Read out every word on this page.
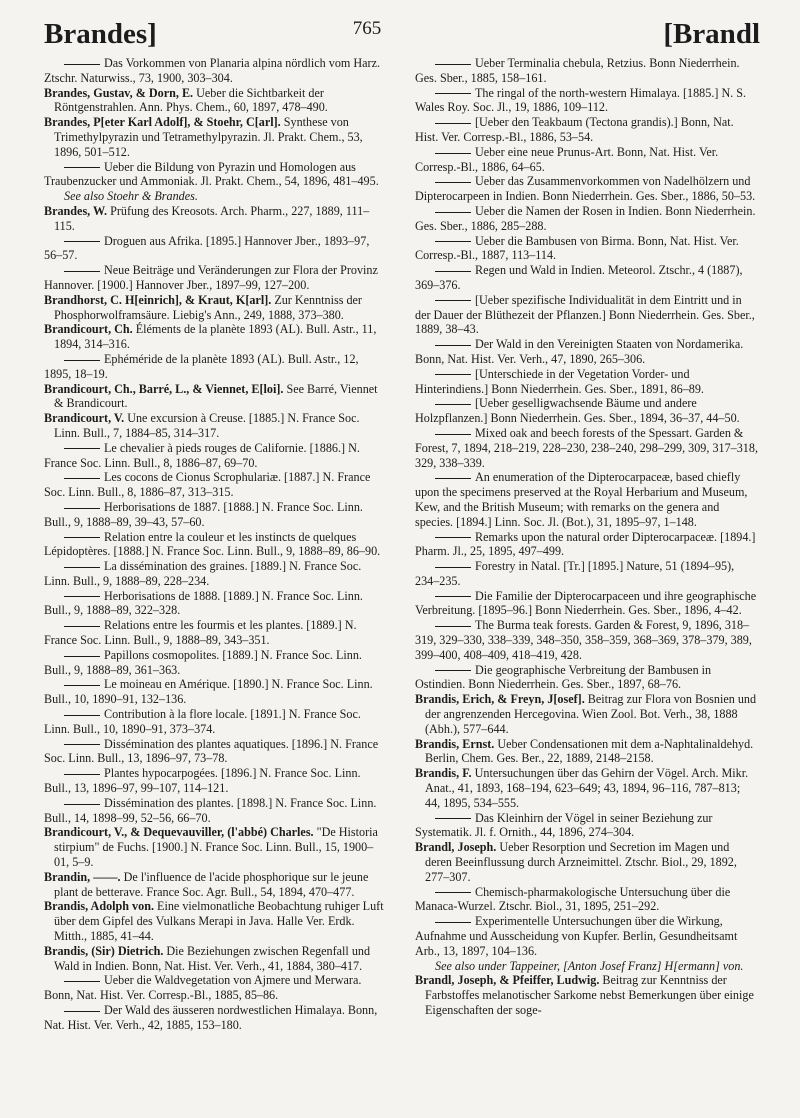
Brandes]	765	[Brandl

Das Vorkommen von Planaria alpina nördlich vom Harz. Ztschr. Naturwiss., 73, 1900, 303–304.

Brandes, Gustav, & Dorn, E. Ueber die Sichtbarkeit der Röntgenstrahlen. Ann. Phys. Chem., 60, 1897, 478–490.

Brandes, P[eter Karl Adolf], & Stoehr, C[arl]. Synthese von Trimethylpyrazin und Tetramethylpyrazin. Jl. Prakt. Chem., 53, 1896, 501–512.

Ueber die Bildung von Pyrazin und Homologen aus Traubenzucker und Ammoniak. Jl. Prakt. Chem., 54, 1896, 481–495.

See also Stoehr & Brandes.

Brandes, W. Prüfung des Kreosots. Arch. Pharm., 227, 1889, 111–115.

Droguen aus Afrika. [1895.] Hannover Jber., 1893–97, 56–57.

Neue Beiträge und Veränderungen zur Flora der Provinz Hannover. [1900.] Hannover Jber., 1897–99, 127–200.

Brandhorst, C. H[einrich], & Kraut, K[arl]. Zur Kenntniss der Phosphorwolframsäure. Liebig's Ann., 249, 1888, 373–380.

Brandicourt, Ch. Éléments de la planète 1893 (AL). Bull. Astr., 11, 1894, 314–316.

Ephéméride de la planète 1893 (AL). Bull. Astr., 12, 1895, 18–19.

Brandicourt, Ch., Barré, L., & Viennet, E[loi]. See Barré, Viennet & Brandicourt.

Brandicourt, V. Une excursion à Creuse. [1885.] N. France Soc. Linn. Bull., 7, 1884–85, 314–317.

Le chevalier à pieds rouges de Californie. [1886.] N. France Soc. Linn. Bull., 8, 1886–87, 69–70.

Les cocons de Cionus Scrophulariæ. [1887.] N. France Soc. Linn. Bull., 8, 1886–87, 313–315.

Herborisations de 1887. [1888.] N. France Soc. Linn. Bull., 9, 1888–89, 39–43, 57–60.

Relation entre la couleur et les instincts de quelques Lépidoptères. [1888.] N. France Soc. Linn. Bull., 9, 1888–89, 86–90.

La dissémination des graines. [1889.] N. France Soc. Linn. Bull., 9, 1888–89, 228–234.

Herborisations de 1888. [1889.] N. France Soc. Linn. Bull., 9, 1888–89, 322–328.

Relations entre les fourmis et les plantes. [1889.] N. France Soc. Linn. Bull., 9, 1888–89, 343–351.

Papillons cosmopolites. [1889.] N. France Soc. Linn. Bull., 9, 1888–89, 361–363.

Le moineau en Amérique. [1890.] N. France Soc. Linn. Bull., 10, 1890–91, 132–136.

Contribution à la flore locale. [1891.] N. France Soc. Linn. Bull., 10, 1890–91, 373–374.

Dissémination des plantes aquatiques. [1896.] N. France Soc. Linn. Bull., 13, 1896–97, 73–78.

Plantes hypocarpogées. [1896.] N. France Soc. Linn. Bull., 13, 1896–97, 99–107, 114–121.

Dissémination des plantes. [1898.] N. France Soc. Linn. Bull., 14, 1898–99, 52–56, 66–70.

Brandicourt, V., & Dequevauviller, (l'abbé) Charles. "De Historia stirpium" de Fuchs. [1900.] N. France Soc. Linn. Bull., 15, 1900–01, 5–9.

Brandin, ——. De l'influence de l'acide phosphorique sur le jeune plant de betterave. France Soc. Agr. Bull., 54, 1894, 470–477.

Brandis, Adolph von. Eine vielmonatliche Beobachtung ruhiger Luft über dem Gipfel des Vulkans Merapi in Java. Halle Ver. Erdk. Mitth., 1885, 41–44.

Brandis, (Sir) Dietrich. Die Beziehungen zwischen Regenfall und Wald in Indien. Bonn, Nat. Hist. Ver. Verh., 41, 1884, 380–417.

Ueber die Waldvegetation von Ajmere und Merwara. Bonn, Nat. Hist. Ver. Corresp.-Bl., 1885, 85–86.

Der Wald des äusseren nordwestlichen Himalaya. Bonn, Nat. Hist. Ver. Verh., 42, 1885, 153–180.

Ueber Terminalia chebula, Retzius. Bonn Niederrhein. Ges. Sber., 1885, 158–161.

The ringal of the north-western Himalaya. [1885.] N. S. Wales Roy. Soc. Jl., 19, 1886, 109–112.

[Ueber den Teakbaum (Tectona grandis).] Bonn, Nat. Hist. Ver. Corresp.-Bl., 1886, 53–54.

Ueber eine neue Prunus-Art. Bonn, Nat. Hist. Ver. Corresp.-Bl., 1886, 64–65.

Ueber das Zusammenvorkommen von Nadelhölzern und Dipterocarpeen in Indien. Bonn Niederrhein. Ges. Sber., 1886, 50–53.

Ueber die Namen der Rosen in Indien. Bonn Niederrhein. Ges. Sber., 1886, 285–288.

Ueber die Bambusen von Birma. Bonn, Nat. Hist. Ver. Corresp.-Bl., 1887, 113–114.

Regen und Wald in Indien. Meteorol. Ztschr., 4 (1887), 369–376.

[Ueber spezifische Individualität in dem Eintritt und in der Dauer der Blüthezeit der Pflanzen.] Bonn Niederrhein. Ges. Sber., 1889, 38–43.

Der Wald in den Vereinigten Staaten von Nordamerika. Bonn, Nat. Hist. Ver. Verh., 47, 1890, 265–306.

[Unterschiede in der Vegetation Vorder- und Hinterindiens.] Bonn Niederrhein. Ges. Sber., 1891, 86–89.

[Ueber geselligwachsende Bäume und andere Holzpflanzen.] Bonn Niederrhein. Ges. Sber., 1894, 36–37, 44–50.

Mixed oak and beech forests of the Spessart. Garden & Forest, 7, 1894, 218–219, 228–230, 238–240, 298–299, 309, 317–318, 329, 338–339.

An enumeration of the Dipterocarpaceæ, based chiefly upon the specimens preserved at the Royal Herbarium and Museum, Kew, and the British Museum; with remarks on the genera and species. [1894.] Linn. Soc. Jl. (Bot.), 31, 1895–97, 1–148.

Remarks upon the natural order Dipterocarpaceæ. [1894.] Pharm. Jl., 25, 1895, 497–499.

Forestry in Natal. [Tr.] [1895.] Nature, 51 (1894–95), 234–235.

Die Familie der Dipterocarpaceen und ihre geographische Verbreitung. [1895–96.] Bonn Niederrhein. Ges. Sber., 1896, 4–42.

The Burma teak forests. Garden & Forest, 9, 1896, 318–319, 329–330, 338–339, 348–350, 358–359, 368–369, 378–379, 389, 399–400, 408–409, 418–419, 428.

Die geographische Verbreitung der Bambusen in Ostindien. Bonn Niederrhein. Ges. Sber., 1897, 68–76.

Brandis, Erich, & Freyn, J[osef]. Beitrag zur Flora von Bosnien und der angrenzenden Hercegovina. Wien Zool. Bot. Verh., 38, 1888 (Abh.), 577–644.

Brandis, Ernst. Ueber Condensationen mit dem a-Naphtalinaldehyd. Berlin, Chem. Ges. Ber., 22, 1889, 2148–2158.

Brandis, F. Untersuchungen über das Gehirn der Vögel. Arch. Mikr. Anat., 41, 1893, 168–194, 623–649; 43, 1894, 96–116, 787–813; 44, 1895, 534–555.

Das Kleinhirn der Vögel in seiner Beziehung zur Systematik. Jl. f. Ornith., 44, 1896, 274–304.

Brandl, Joseph. Ueber Resorption und Secretion im Magen und deren Beeinflussung durch Arzneimittel. Ztschr. Biol., 29, 1892, 277–307.

Chemisch-pharmakologische Untersuchung über die Manaca-Wurzel. Ztschr. Biol., 31, 1895, 251–292.

Experimentelle Untersuchungen über die Wirkung, Aufnahme und Ausscheidung von Kupfer. Berlin, Gesundheitsamt Arb., 13, 1897, 104–136.

See also under Tappeiner, [Anton Josef Franz] H[ermann] von.

Brandl, Joseph, & Pfeiffer, Ludwig. Beitrag zur Kenntniss der Farbstoffes melanotischer Sarkome nebst Bemerkungen über einige Eigenschaften der soge-
